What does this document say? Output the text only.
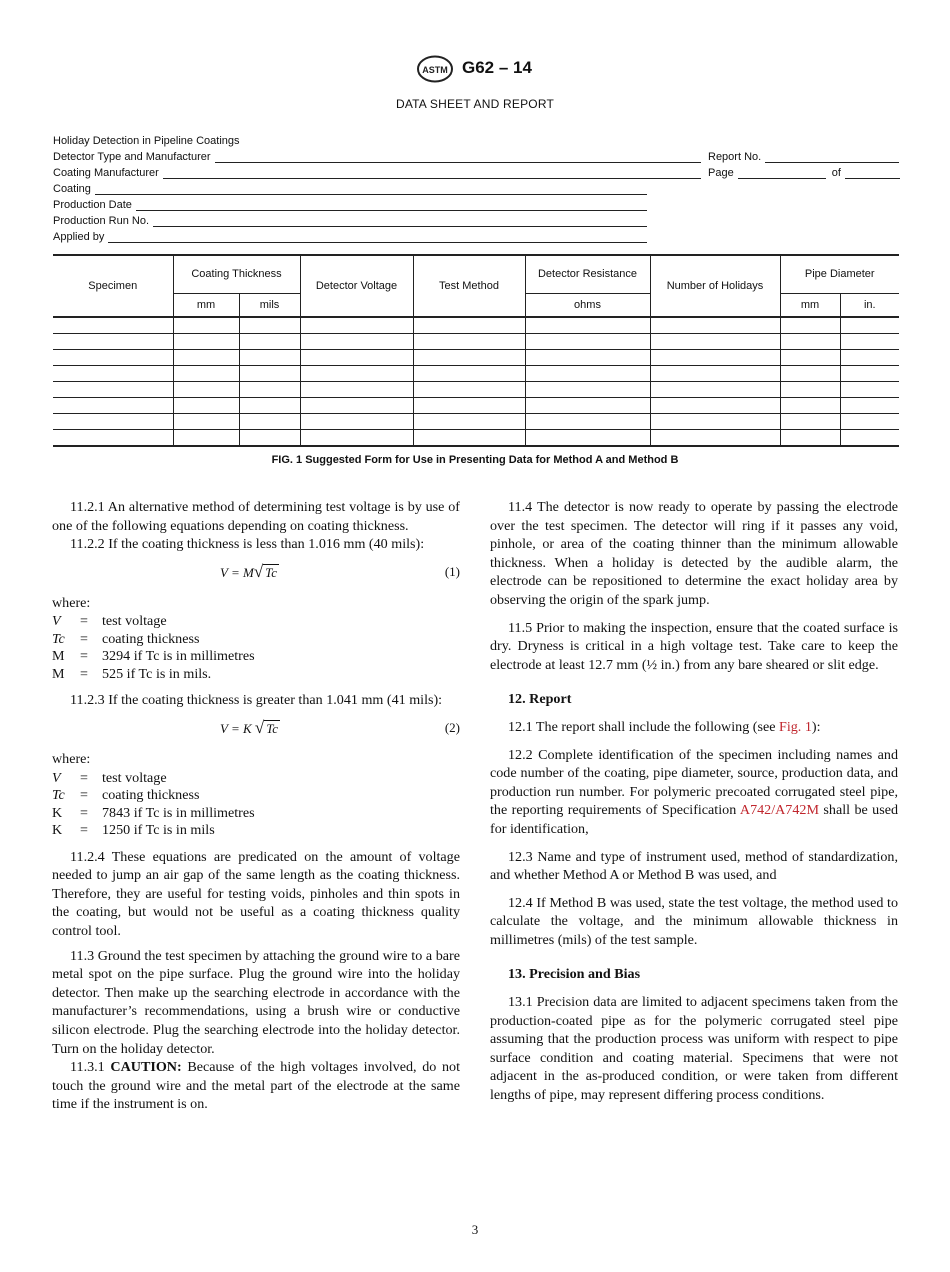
ASTM G62 – 14
DATA SHEET AND REPORT
Holiday Detection in Pipeline Coatings
Detector Type and Manufacturer
Coating Manufacturer
Coating
Production Date
Production Run No.
Applied by
Report No.
Page	of
Specimen	Coating Thickness		Detector Voltage	Test Method	Detector Resistance	Number of Holidays	Pipe Diameter	
	mm	mils			ohms		mm	in.

FIG. 1 Suggested Form for Use in Presenting Data for Method A and Method B

11.2.1 An alternative method of determining test voltage is by use of one of the following equations depending on coating thickness.

11.2.2 If the coating thickness is less than 1.016 mm (40 mils):

V = M√ Tc	(1)

where:

V	= test voltage
Tc	= coating thickness
M	= 3294 if Tc is in millimetres
M	= 525 if Tc is in mils.

11.2.3 If the coating thickness is greater than 1.041 mm (41 mils):

V = K √ Tc	(2)

where:

V	= test voltage
Tc	= coating thickness
K	= 7843 if Tc is in millimetres
K	= 1250 if Tc is in mils

11.2.4 These equations are predicated on the amount of voltage needed to jump an air gap of the same length as the coating thickness. Therefore, they are useful for testing voids, pinholes and thin spots in the coating, but would not be useful as a coating thickness quality control tool.

11.3 Ground the test specimen by attaching the ground wire to a bare metal spot on the pipe surface. Plug the ground wire into the holiday detector. Then make up the searching electrode in accordance with the manufacturer’s recommendations, using a brush wire or conductive silicon electrode. Plug the searching electrode into the holiday detector. Turn on the holiday detector.

11.3.1 CAUTION: Because of the high voltages involved, do not touch the ground wire and the metal part of the electrode at the same time if the instrument is on.

11.4 The detector is now ready to operate by passing the electrode over the test specimen. The detector will ring if it passes any void, pinhole, or area of the coating thinner than the minimum allowable thickness. When a holiday is detected by the audible alarm, the electrode can be repositioned to determine the exact holiday area by observing the origin of the spark jump.

11.5 Prior to making the inspection, ensure that the coated surface is dry. Dryness is critical in a high voltage test. Take care to keep the electrode at least 12.7 mm (½ in.) from any bare sheared or slit edge.

12. Report

12.1 The report shall include the following (see Fig. 1):

12.2 Complete identification of the specimen including names and code number of the coating, pipe diameter, source, production data, and production run number. For polymeric precoated corrugated steel pipe, the reporting requirements of Specification A742/A742M shall be used for identification,

12.3 Name and type of instrument used, method of standardization, and whether Method A or Method B was used, and

12.4 If Method B was used, state the test voltage, the method used to calculate the voltage, and the minimum allowable thickness in millimetres (mils) of the test sample.

13. Precision and Bias

13.1 Precision data are limited to adjacent specimens taken from the production-coated pipe as for the polymeric corrugated steel pipe assuming that the production process was uniform with respect to pipe surface condition and coating material. Specimens that were not adjacent in the as-produced condition, or were taken from different lengths of pipe, may represent differing process conditions.

3
